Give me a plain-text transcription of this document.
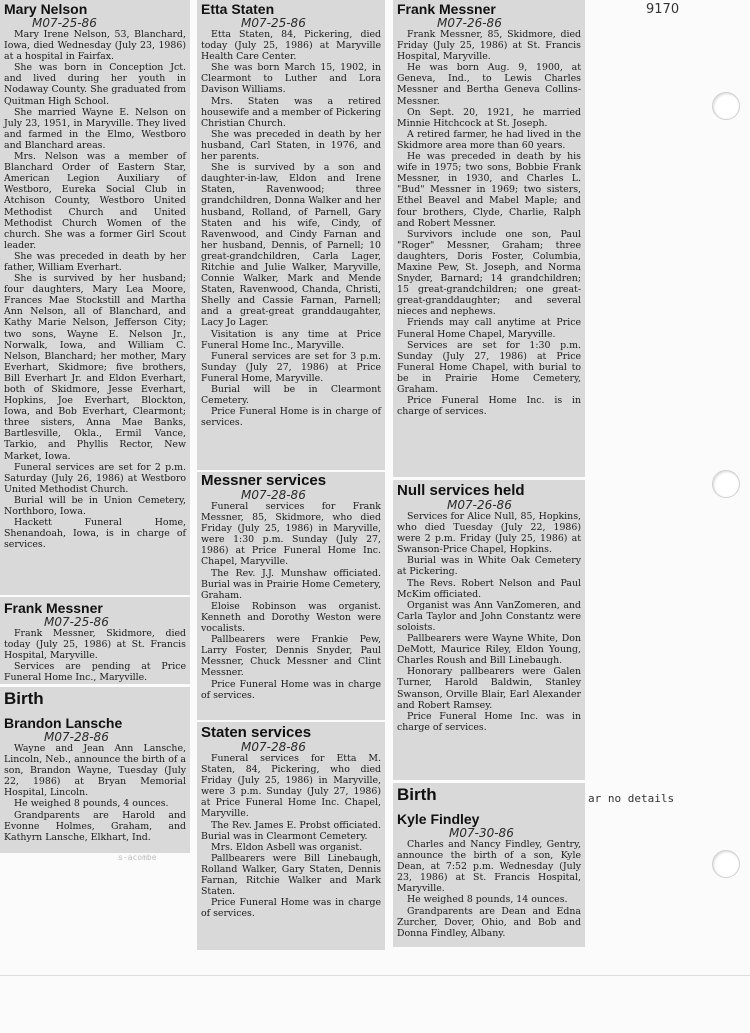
9170
Mary Nelson
M07-25-86

Mary Irene Nelson, 53, Blanchard, Iowa, died Wednesday (July 23, 1986) at a hospital in Fairfax.

She was born in Conception Jct. and lived during her youth in Nodaway County. She graduated from Quitman High School.

She married Wayne E. Nelson on July 23, 1951, in Maryville. They lived and farmed in the Elmo, Westboro and Blanchard areas.

Mrs. Nelson was a member of Blanchard Order of Eastern Star, American Legion Auxiliary of Westboro, Eureka Social Club in Atchison County, Westboro United Methodist Church and United Methodist Church Women of the church. She was a former Girl Scout leader.

She was preceded in death by her father, William Everhart.

She is survived by her husband; four daughters, Mary Lea Moore, Frances Mae Stockstill and Martha Ann Nelson, all of Blanchard, and Kathy Marie Nelson, Jefferson City; two sons, Wayne E. Nelson Jr., Norwalk, Iowa, and William C. Nelson, Blanchard; her mother, Mary Everhart, Skidmore; five brothers, Bill Everhart Jr. and Eldon Everhart, both of Skidmore, Jesse Everhart, Hopkins, Joe Everhart, Blockton, Iowa, and Bob Everhart, Clearmont; three sisters, Anna Mae Banks, Bartlesville, Okla., Ermil Vance, Tarkio, and Phyllis Rector, New Market, Iowa.

Funeral services are set for 2 p.m. Saturday (July 26, 1986) at Westboro United Methodist Church.

Burial will be in Union Cemetery, Northboro, Iowa.

Hackett Funeral Home, Shenandoah, Iowa, is in charge of services.

Frank Messner
M07-25-86

Frank Messner, Skidmore, died today (July 25, 1986) at St. Francis Hospital, Maryville.

Services are pending at Price Funeral Home Inc., Maryville.

Birth
Brandon Lansche
M07-28-86

Wayne and Jean Ann Lansche, Lincoln, Neb., announce the birth of a son, Brandon Wayne, Tuesday (July 22, 1986) at Bryan Memorial Hospital, Lincoln.

He weighed 8 pounds, 4 ounces.

Grandparents are Harold and Evonne Holmes, Graham, and Kathyrn Lansche, Elkhart, Ind.

s-acombe
Etta Staten
M07-25-86

Etta Staten, 84, Pickering, died today (July 25, 1986) at Maryville Health Care Center.

She was born March 15, 1902, in Clearmont to Luther and Lora Davison Williams.

Mrs. Staten was a retired housewife and a member of Pickering Christian Church.

She was preceded in death by her husband, Carl Staten, in 1976, and her parents.

She is survived by a son and daughter-in-law, Eldon and Irene Staten, Ravenwood; three grandchildren, Donna Walker and her husband, Rolland, of Parnell, Gary Staten and his wife, Cindy, of Ravenwood, and Cindy Farnan and her husband, Dennis, of Parnell; 10 great-grandchildren, Carla Lager, Ritchie and Julie Walker, Maryville, Connie Walker, Mark and Mende Staten, Ravenwood, Chanda, Christi, Shelly and Cassie Farnan, Parnell; and a great-great granddaugahter, Lacy Jo Lager.

Visitation is any time at Price Funeral Home Inc., Maryville.

Funeral services are set for 3 p.m. Sunday (July 27, 1986) at Price Funeral Home, Maryville.

Burial will be in Clearmont Cemetery.

Price Funeral Home is in charge of services.

Messner services
M07-28-86

Funeral services for Frank Messner, 85, Skidmore, who died Friday (July 25, 1986) in Maryville, were 1:30 p.m. Sunday (July 27, 1986) at Price Funeral Home Inc. Chapel, Maryville.

The Rev. J.J. Munshaw officiated. Burial was in Prairie Home Cemetery, Graham.

Eloise Robinson was organist. Kenneth and Dorothy Weston were vocalists.

Pallbearers were Frankie Pew, Larry Foster, Dennis Snyder, Paul Messner, Chuck Messner and Clint Messner.

Price Funeral Home was in charge of services.

Staten services
M07-28-86

Funeral services for Etta M. Staten, 84, Pickering, who died Friday (July 25, 1986) in Maryville, were 3 p.m. Sunday (July 27, 1986) at Price Funeral Home Inc. Chapel, Maryville.

The Rev. James E. Probst officiated. Burial was in Clearmont Cemetery.

Mrs. Eldon Asbell was organist.

Pallbearers were Bill Linebaugh, Rolland Walker, Gary Staten, Dennis Farnan, Ritchie Walker and Mark Staten.

Price Funeral Home was in charge of services.

Frank Messner
M07-26-86

Frank Messner, 85, Skidmore, died Friday (July 25, 1986) at St. Francis Hospital, Maryville.

He was born Aug. 9, 1900, at Geneva, Ind., to Lewis Charles Messner and Bertha Geneva Collins-Messner.

On Sept. 20, 1921, he married Minnie Hitchcock at St. Joseph.

A retired farmer, he had lived in the Skidmore area more than 60 years.

He was preceded in death by his wife in 1975; two sons, Bobbie Frank Messner, in 1930, and Charles L. "Bud" Messner in 1969; two sisters, Ethel Beavel and Mabel Maple; and four brothers, Clyde, Charlie, Ralph and Robert Messner.

Survivors include one son, Paul "Roger" Messner, Graham; three daughters, Doris Foster, Columbia, Maxine Pew, St. Joseph, and Norma Snyder, Barnard; 14 grandchildren; 15 great-grandchildren; one great-great-granddaughter; and several nieces and nephews.

Friends may call anytime at Price Funeral Home Chapel, Maryville.

Services are set for 1:30 p.m. Sunday (July 27, 1986) at Price Funeral Home Chapel, with burial to be in Prairie Home Cemetery, Graham.

Price Funeral Home Inc. is in charge of services.

Null services held
M07-26-86

Services for Alice Null, 85, Hopkins, who died Tuesday (July 22, 1986) were 2 p.m. Friday (July 25, 1986) at Swanson-Price Chapel, Hopkins.

Burial was in White Oak Cemetery at Pickering.

The Revs. Robert Nelson and Paul McKim officiated.

Organist was Ann VanZomeren, and Carla Taylor and John Constantz were soloists.

Pallbearers were Wayne White, Don DeMott, Maurice Riley, Eldon Young, Charles Roush and Bill Linebaugh.

Honorary pallbearers were Galen Turner, Harold Baldwin, Stanley Swanson, Orville Blair, Earl Alexander and Robert Ramsey.

Price Funeral Home Inc. was in charge of services.

Birth
Kyle Findley
M07-30-86

Charles and Nancy Findley, Gentry, announce the birth of a son, Kyle Dean, at 7:52 p.m. Wednesday (July 23, 1986) at St. Francis Hospital, Maryville.

He weighed 8 pounds, 14 ounces.

Grandparents are Dean and Edna Zurcher, Dover, Ohio, and Bob and Donna Findley, Albany.

ar no details
